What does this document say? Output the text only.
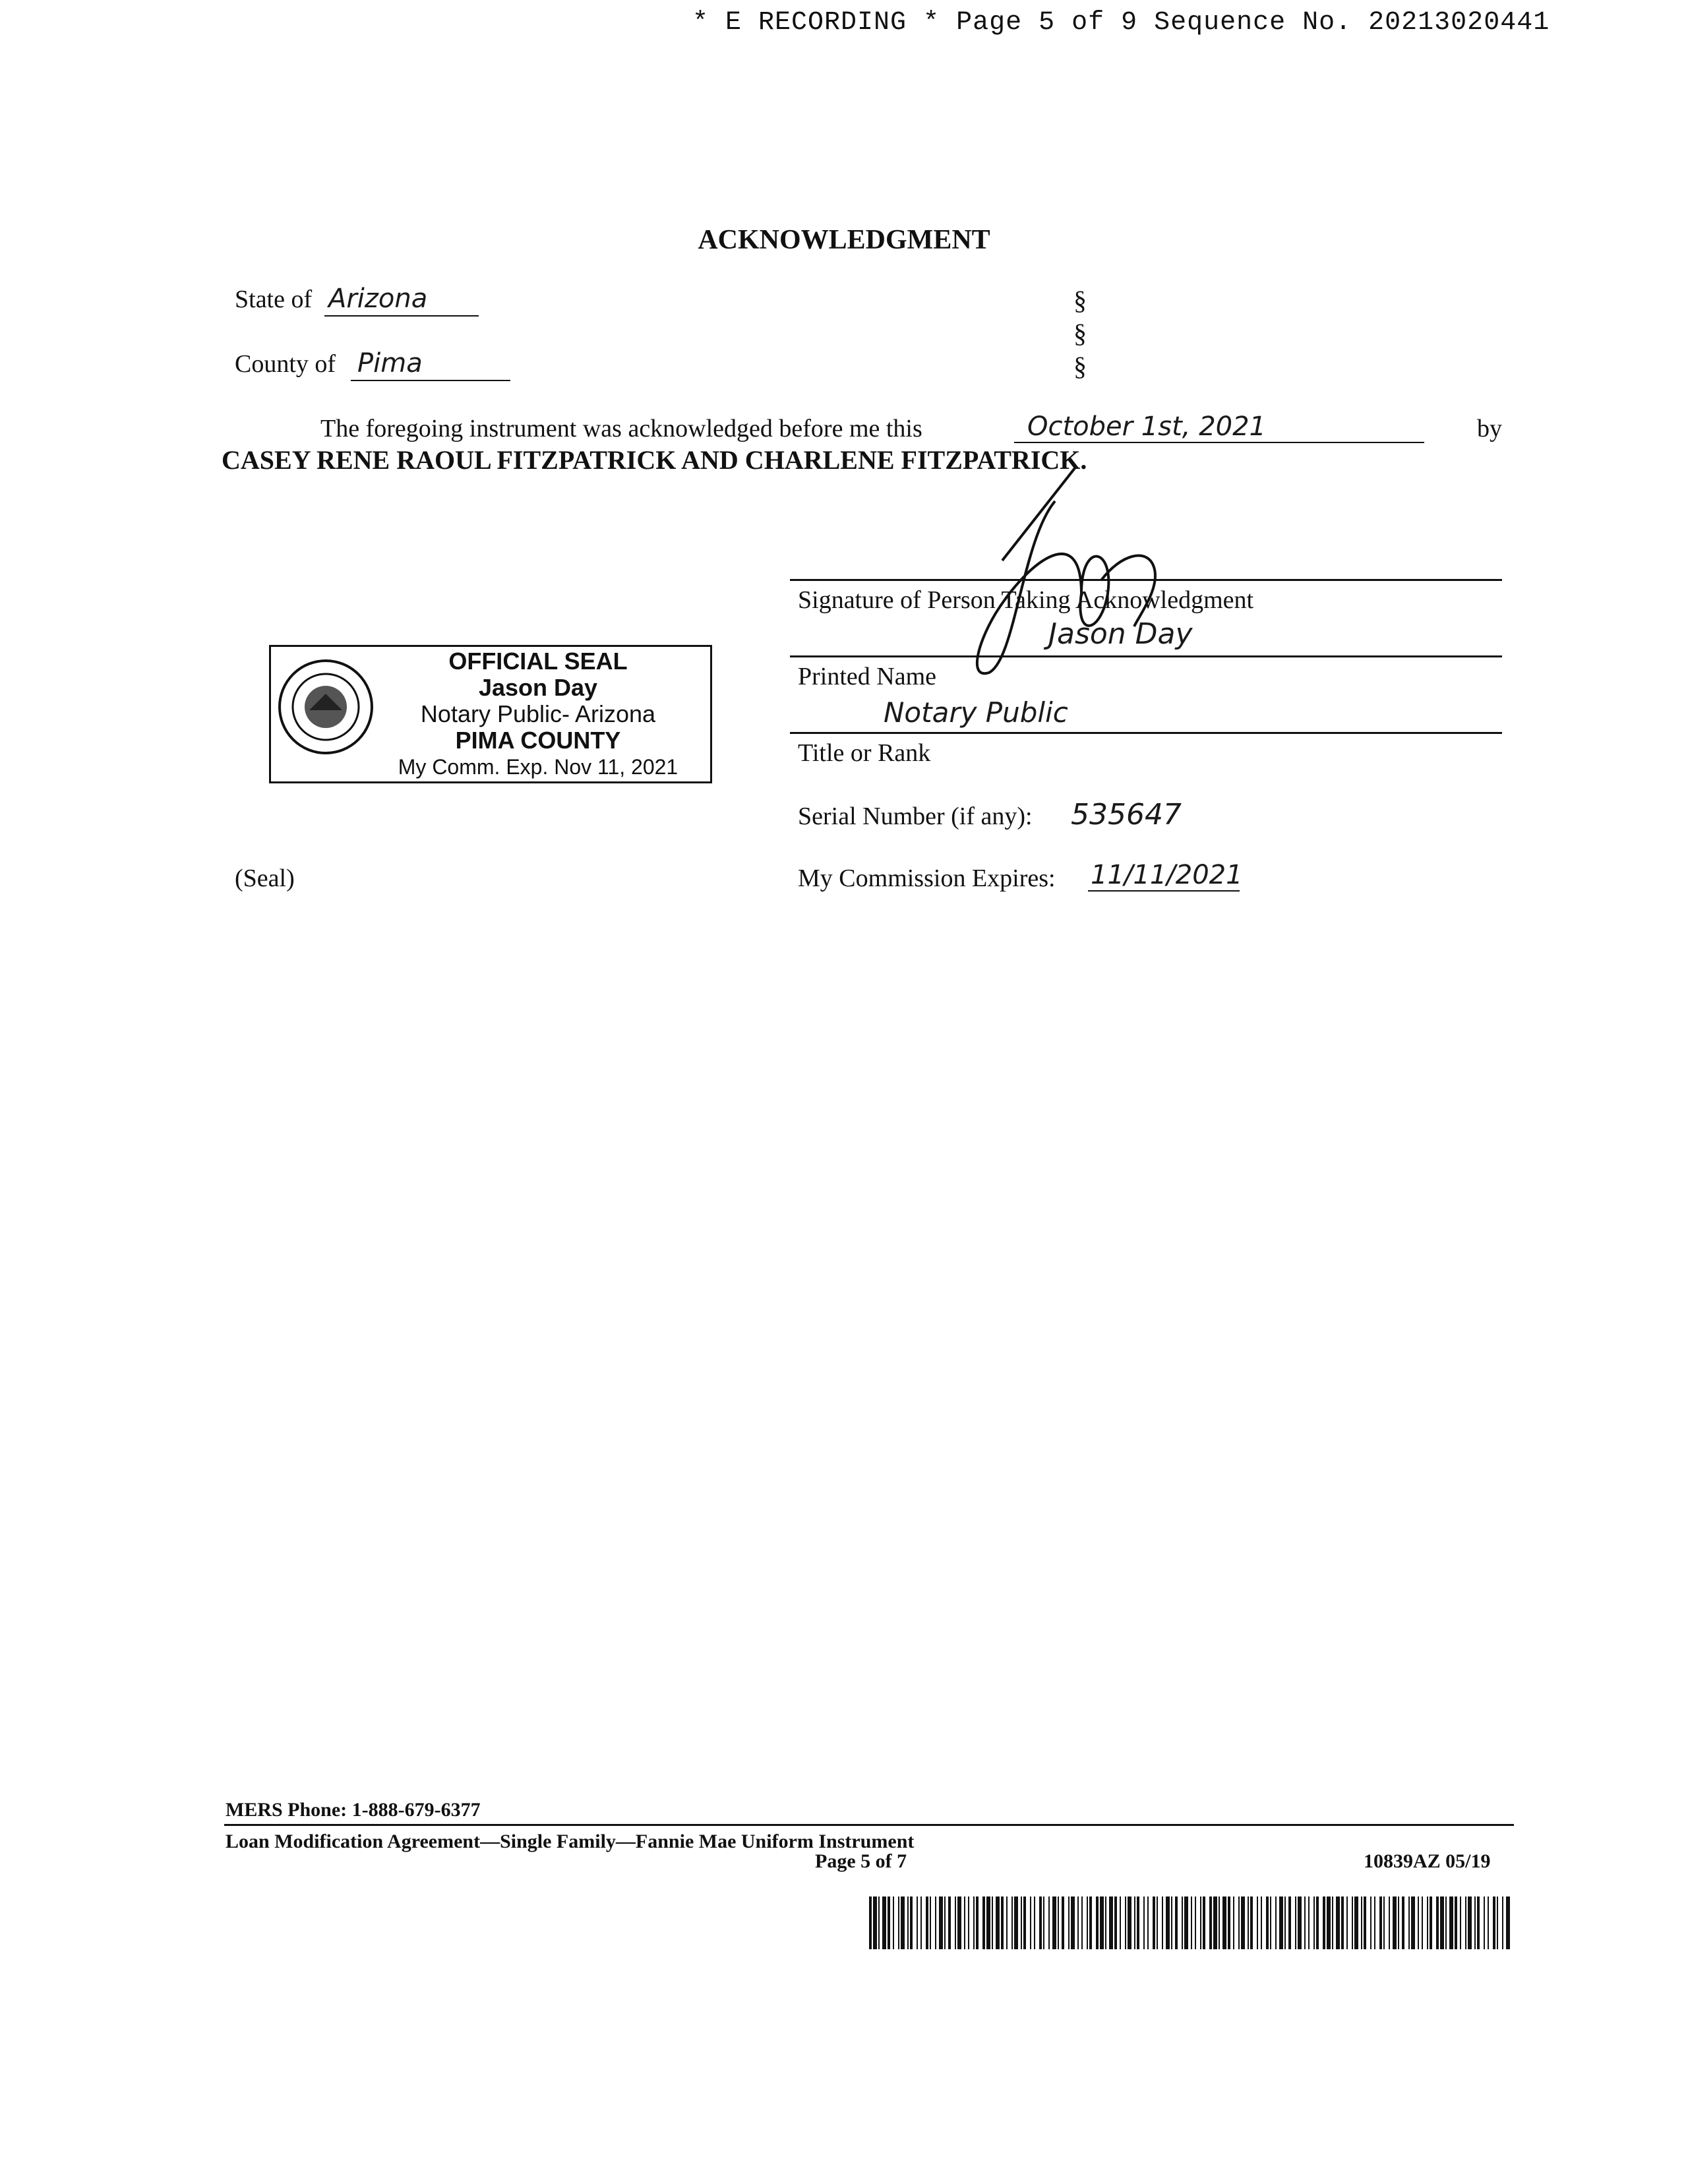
* E RECORDING * Page 5 of 9 Sequence No. 20213020441
ACKNOWLEDGMENT
State of Arizona
County of Pima
§
§
§
The foregoing instrument was acknowledged before me this	October 1st, 2021	by
CASEY RENE RAOUL FITZPATRICK AND CHARLENE FITZPATRICK.
Signature of Person Taking Acknowledgment
Jason Day
Printed Name
Notary Public
Title or Rank
Serial Number (if any): 535647
My Commission Expires: 11/11/2021
OFFICIAL SEAL
Jason Day
Notary Public- Arizona
PIMA COUNTY
My Comm. Exp. Nov 11, 2021
(Seal)
MERS Phone: 1-888-679-6377
Loan Modification Agreement—Single Family—Fannie Mae Uniform Instrument
Page 5 of 7	10839AZ 05/19
